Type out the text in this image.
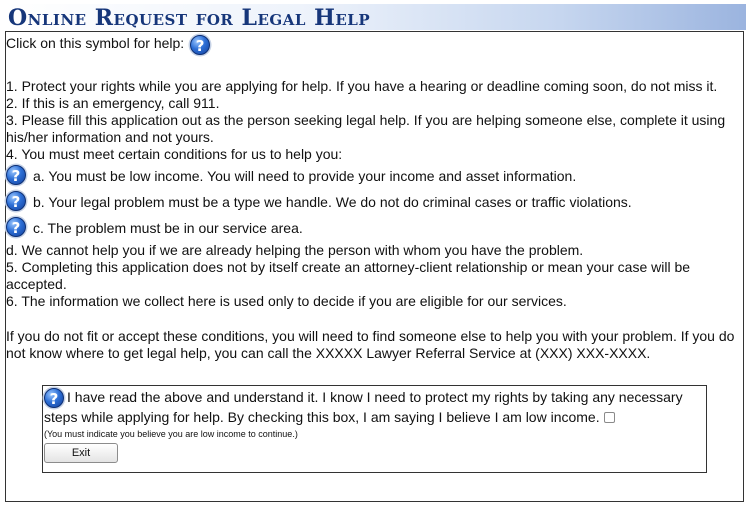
Online Request for Legal Help
Click on this symbol for help: ?
1. Protect your rights while you are applying for help. If you have a hearing or deadline coming soon, do not miss it.
2. If this is an emergency, call 911.
3. Please fill this application out as the person seeking legal help. If you are helping someone else, complete it using his/her information and not yours.
4. You must meet certain conditions for us to help you:
? a. You must be low income. You will need to provide your income and asset information.
? b. Your legal problem must be a type we handle. We do not do criminal cases or traffic violations.
? c. The problem must be in our service area.
d. We cannot help you if we are already helping the person with whom you have the problem.
5. Completing this application does not by itself create an attorney-client relationship or mean your case will be accepted.
6. The information we collect here is used only to decide if you are eligible for our services.
If you do not fit or accept these conditions, you will need to find someone else to help you with your problem. If you do not know where to get legal help, you can call the XXXXX Lawyer Referral Service at (XXX) XXX-XXXX.
? I have read the above and understand it. I know I need to protect my rights by taking any necessary steps while applying for help. By checking this box, I am saying I believe I am low income.
(You must indicate you believe you are low income to continue.)
Exit
